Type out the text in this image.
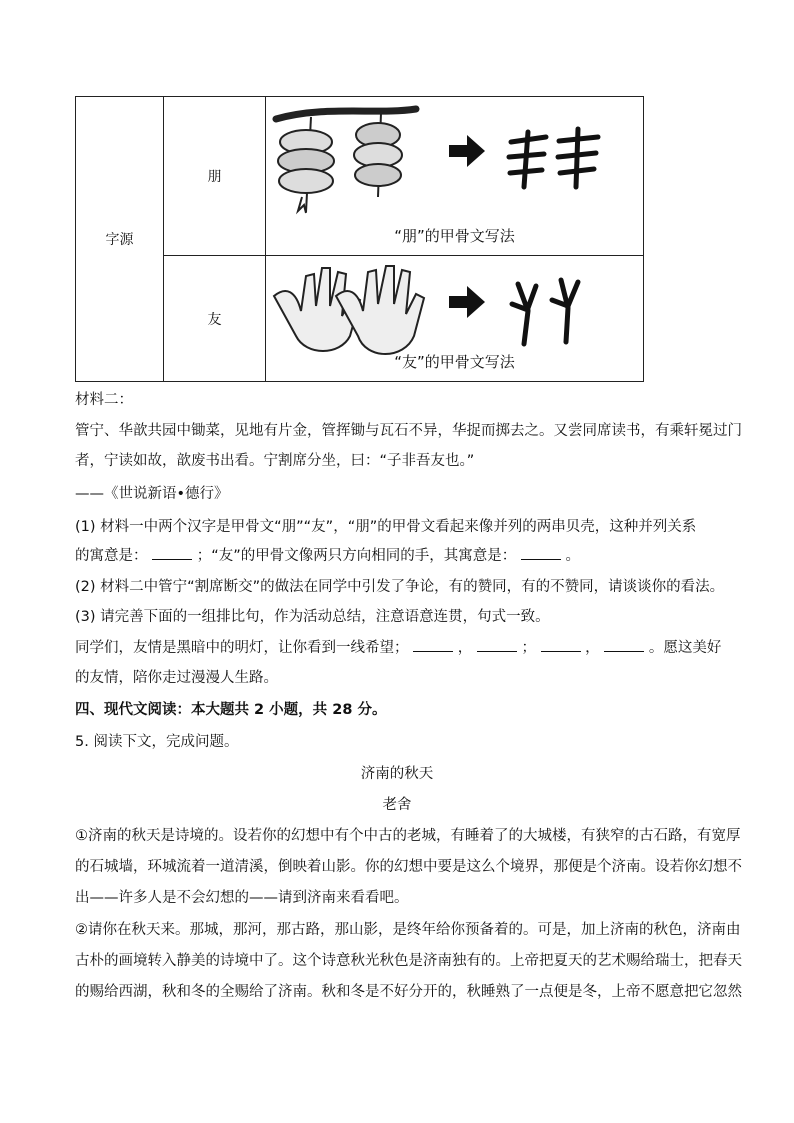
字源	朋	“朋”的甲骨文写法

	友	“友”的甲骨文写法
材料二：
管宁、华歆共园中锄菜，见地有片金，管挥锄与瓦石不异，华捉而掷去之。又尝同席读书，有乘轩冕过门
者，宁读如故，歆废书出看。宁割席分坐，曰：“子非吾友也。”
——《世说新语•德行》
(1) 材料一中两个汉字是甲骨文“朋”“友”，“朋”的甲骨文看起来像并列的两串贝壳，这种并列关系
的寓意是：	；“友”的甲骨文像两只方向相同的手，其寓意是：	。
(2) 材料二中管宁“割席断交”的做法在同学中引发了争论，有的赞同，有的不赞同，请谈谈你的看法。
(3) 请完善下面的一组排比句，作为活动总结，注意语意连贯，句式一致。
同学们，友情是黑暗中的明灯，让你看到一线希望；	，	；	，	。愿这美好
的友情，陪你走过漫漫人生路。
四、现代文阅读：本大题共 2 小题，共 28 分。
5. 阅读下文，完成问题。
济南的秋天
老舍
①济南的秋天是诗境的。设若你的幻想中有个中古的老城，有睡着了的大城楼，有狭窄的古石路，有宽厚
的石城墙，环城流着一道清溪，倒映着山影。你的幻想中要是这么个境界，那便是个济南。设若你幻想不
出——许多人是不会幻想的——请到济南来看看吧。
②请你在秋天来。那城，那河，那古路，那山影，是终年给你预备着的。可是，加上济南的秋色，济南由
古朴的画境转入静美的诗境中了。这个诗意秋光秋色是济南独有的。上帝把夏天的艺术赐给瑞士，把春天
的赐给西湖，秋和冬的全赐给了济南。秋和冬是不好分开的，秋睡熟了一点便是冬，上帝不愿意把它忽然
